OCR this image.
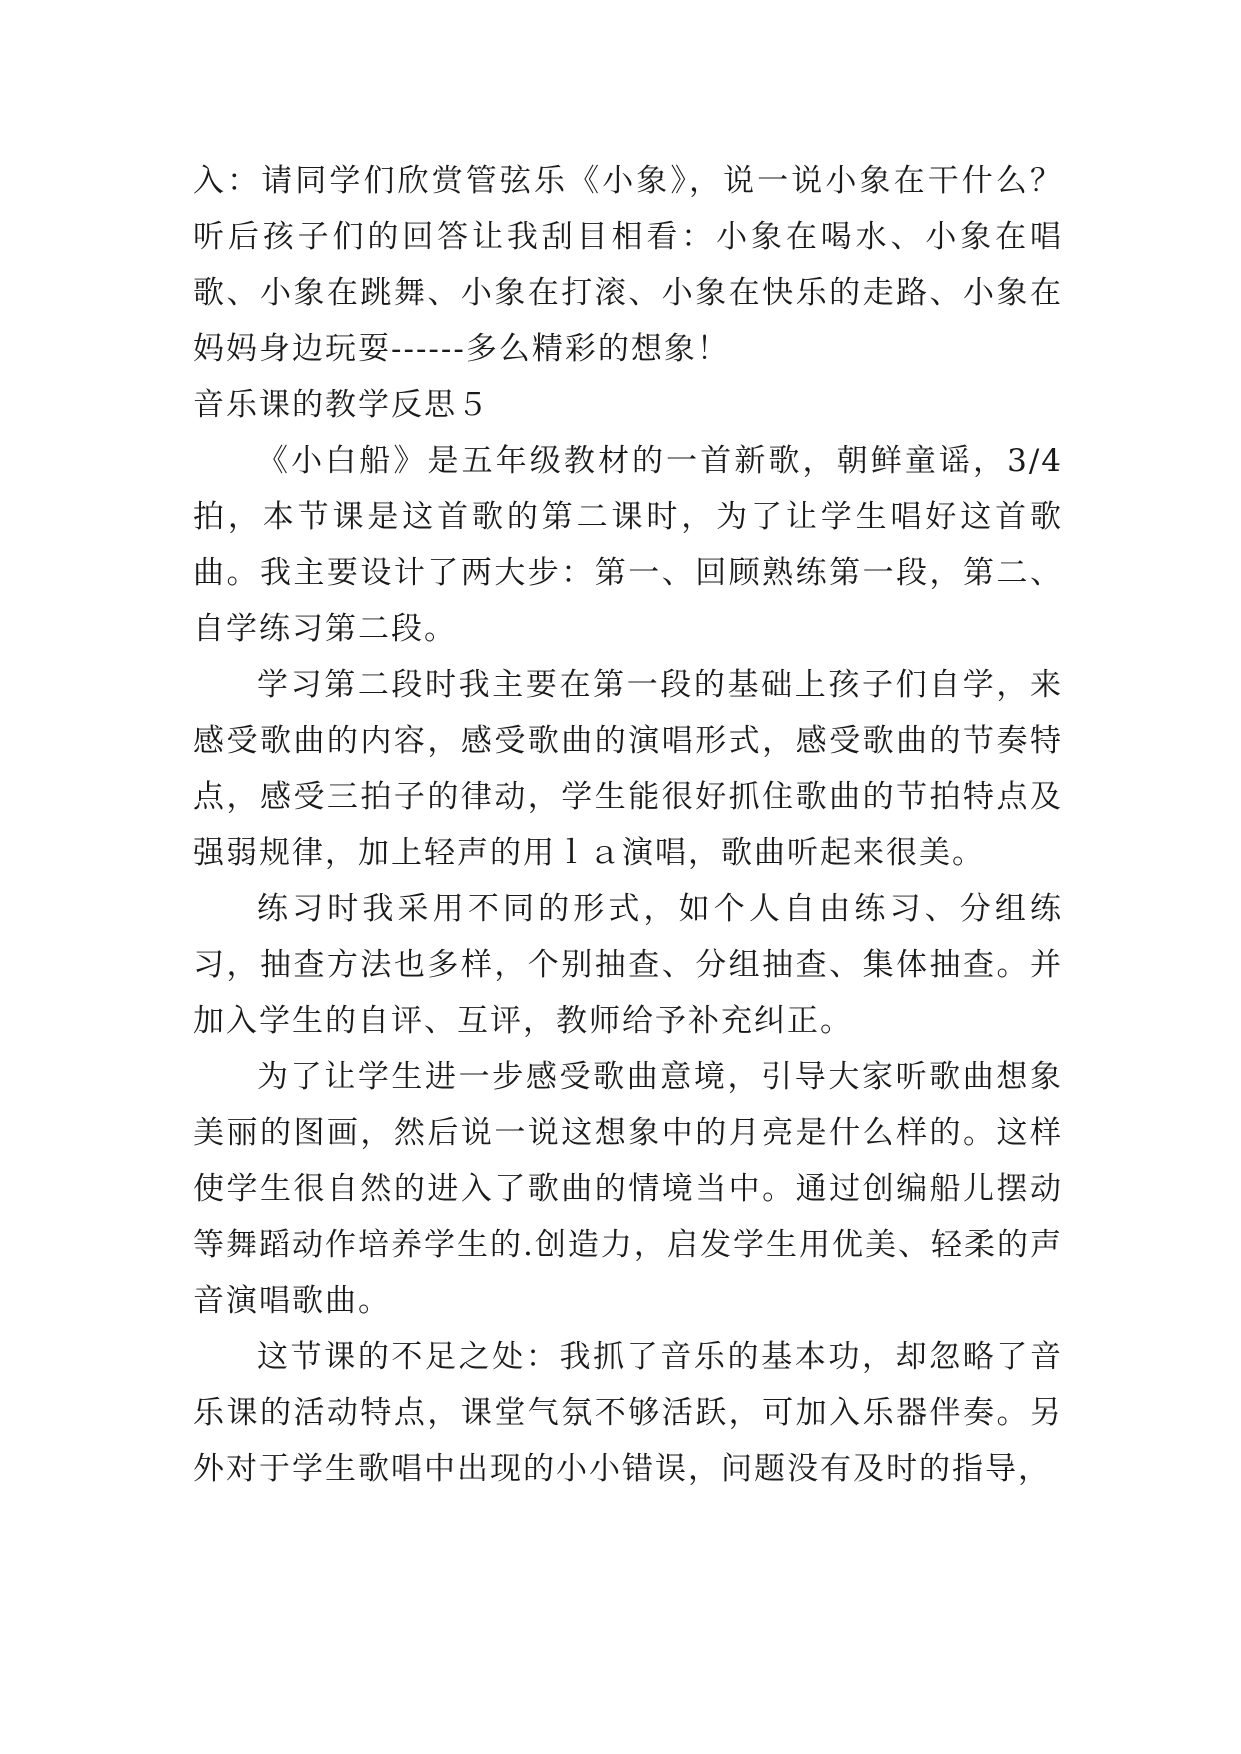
入：请同学们欣赏管弦乐《小象》，说一说小象在干什么？听后孩子们的回答让我刮目相看：小象在喝水、小象在唱歌、小象在跳舞、小象在打滚、小象在快乐的走路、小象在妈妈身边玩耍------多么精彩的想象！

音乐课的教学反思５

《小白船》是五年级教材的一首新歌，朝鲜童谣，3/4拍，本节课是这首歌的第二课时，为了让学生唱好这首歌曲。我主要设计了两大步：第一、回顾熟练第一段，第二、自学练习第二段。

学习第二段时我主要在第一段的基础上孩子们自学，来感受歌曲的内容，感受歌曲的演唱形式，感受歌曲的节奏特点，感受三拍子的律动，学生能很好抓住歌曲的节拍特点及强弱规律，加上轻声的用ｌａ演唱，歌曲听起来很美。

练习时我采用不同的形式，如个人自由练习、分组练习，抽查方法也多样，个别抽查、分组抽查、集体抽查。并加入学生的自评、互评，教师给予补充纠正。

为了让学生进一步感受歌曲意境，引导大家听歌曲想象美丽的图画，然后说一说这想象中的月亮是什么样的。这样使学生很自然的进入了歌曲的情境当中。通过创编船儿摆动等舞蹈动作培养学生的.创造力，启发学生用优美、轻柔的声音演唱歌曲。

这节课的不足之处：我抓了音乐的基本功，却忽略了音乐课的活动特点，课堂气氛不够活跃，可加入乐器伴奏。另外对于学生歌唱中出现的小小错误，问题没有及时的指导，
